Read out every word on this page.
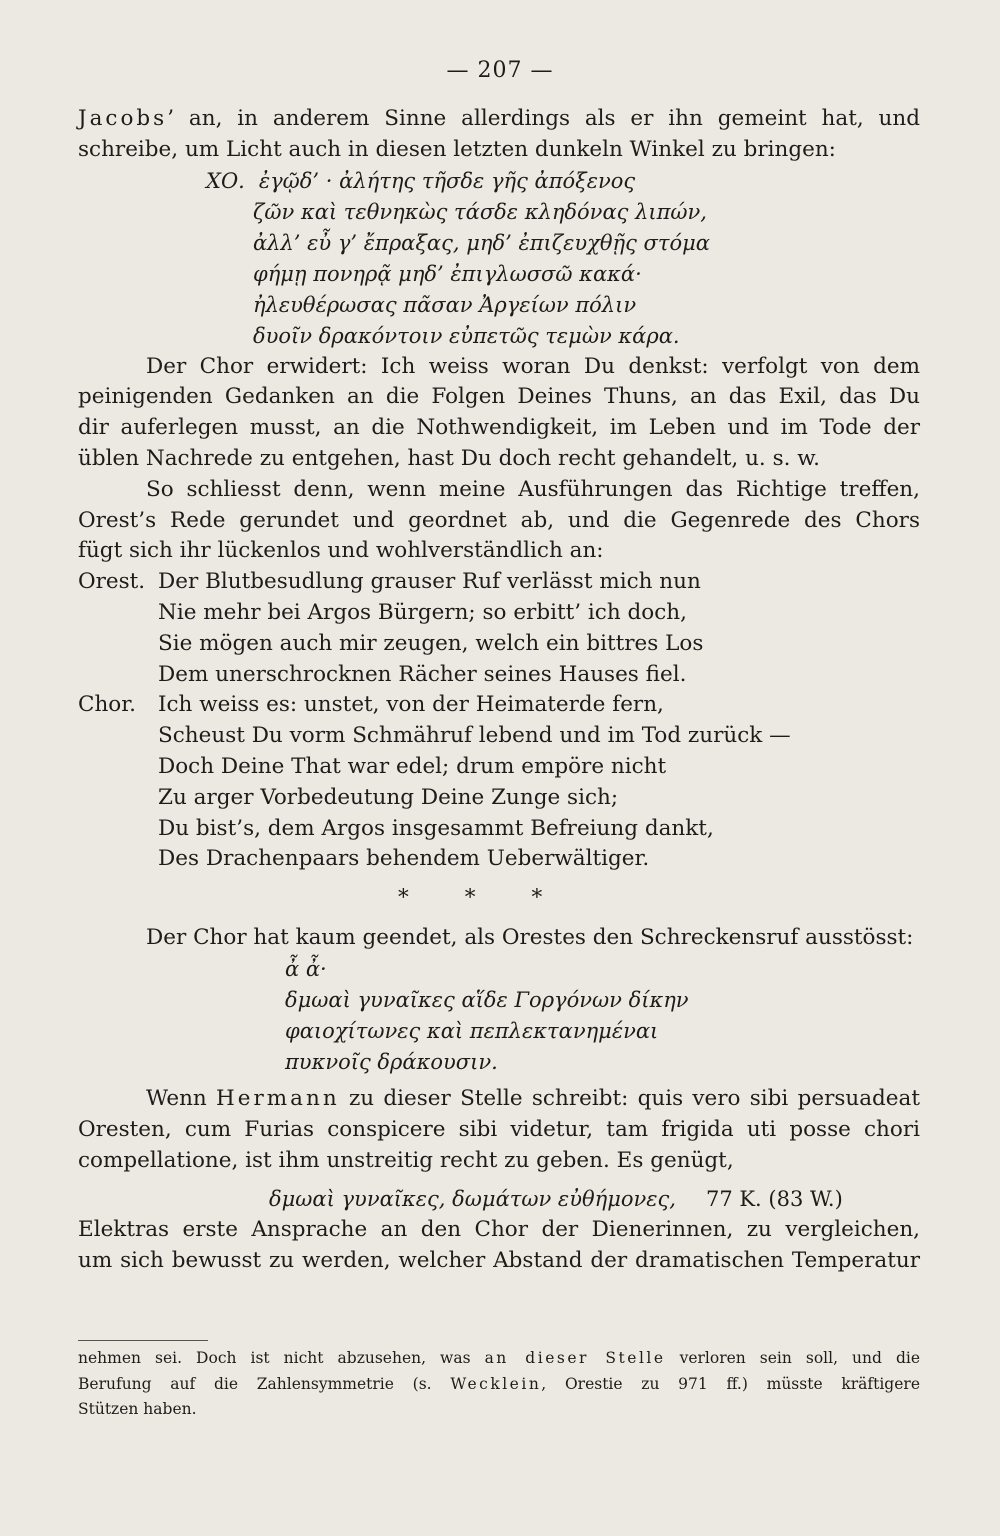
— 207 —

Jacobs’ an, in anderem Sinne allerdings als er ihn gemeint hat, und

schreibe, um Licht auch in diesen letzten dunkeln Winkel zu bringen:

ΧΟ. ἐγῷδ’ · ἀλήτης τῆσδε γῆς ἀπόξενος

ζῶν καὶ τεθνηκὼς τάσδε κληδόνας λιπών,

ἀλλ’ εὖ γ’ ἔπραξας, μηδ’ ἐπιζευχθῇς στόμα

φήμῃ πονηρᾷ μηδ’ ἐπιγλωσσῶ κακά·

ἠλευθέρωσας πᾶσαν Ἀργείων πόλιν

δυοῖν δρακόντοιν εὐπετῶς τεμὼν κάρα.

Der Chor erwidert: Ich weiss woran Du denkst: verfolgt von dem

peinigenden Gedanken an die Folgen Deines Thuns, an das Exil, das Du

dir auferlegen musst, an die Nothwendigkeit, im Leben und im Tode der

üblen Nachrede zu entgehen, hast Du doch recht gehandelt, u. s. w.

So schliesst denn, wenn meine Ausführungen das Richtige treffen,

Orest’s Rede gerundet und geordnet ab, und die Gegenrede des Chors

fügt sich ihr lückenlos und wohlverständlich an:

Orest. Der Blutbesudlung grauser Ruf verlässt mich nun

Nie mehr bei Argos Bürgern; so erbitt’ ich doch,

Sie mögen auch mir zeugen, welch ein bittres Los

Dem unerschrocknen Rächer seines Hauses fiel.

Chor. Ich weiss es: unstet, von der Heimaterde fern,

Scheust Du vorm Schmähruf lebend und im Tod zurück —

Doch Deine That war edel; drum empöre nicht

Zu arger Vorbedeutung Deine Zunge sich;

Du bist’s, dem Argos insgesammt Befreiung dankt,

Des Drachenpaars behendem Ueberwältiger.

*	*	*

Der Chor hat kaum geendet, als Orestes den Schreckensruf ausstösst:

ἆ ἆ·

δμωαὶ γυναῖκες αἵδε Γοργόνων δίκην

φαιοχίτωνες καὶ πεπλεκτανημέναι

πυκνοῖς δράκουσιν.

Wenn Hermann zu dieser Stelle schreibt: quis vero sibi persuadeat

Oresten, cum Furias conspicere sibi videtur, tam frigida uti posse chori

compellatione, ist ihm unstreitig recht zu geben. Es genügt,

δμωαὶ γυναῖκες, δωμάτων εὐθήμονες, 77 K. (83 W.)

Elektras erste Ansprache an den Chor der Dienerinnen, zu vergleichen,

um sich bewusst zu werden, welcher Abstand der dramatischen Temperatur

nehmen sei. Doch ist nicht abzusehen, was an dieser Stelle verloren sein soll, und die

Berufung auf die Zahlensymmetrie (s. Wecklein, Orestie zu 971 ff.) müsste kräftigere

Stützen haben.
